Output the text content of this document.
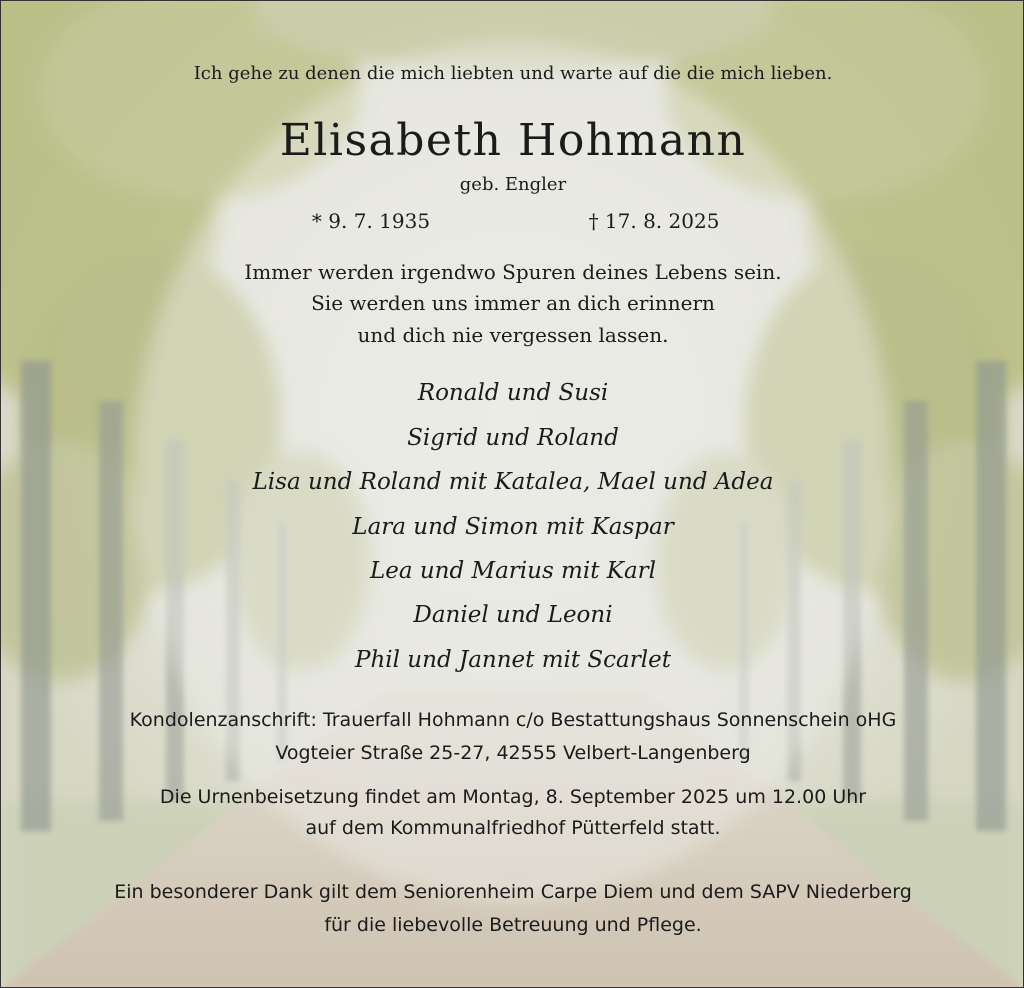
Ich gehe zu denen die mich liebten und warte auf die die mich lieben.
Elisabeth Hohmann
geb. Engler
* 9. 7. 1935	† 17. 8. 2025
Immer werden irgendwo Spuren deines Lebens sein.
Sie werden uns immer an dich erinnern
und dich nie vergessen lassen.
Ronald und Susi
Sigrid und Roland
Lisa und Roland mit Katalea, Mael und Adea
Lara und Simon mit Kaspar
Lea und Marius mit Karl
Daniel und Leoni
Phil und Jannet mit Scarlet
Kondolenzanschrift: Trauerfall Hohmann c/o Bestattungshaus Sonnenschein oHG
Vogteier Straße 25-27, 42555 Velbert-Langenberg
Die Urnenbeisetzung findet am Montag, 8. September 2025 um 12.00 Uhr
auf dem Kommunalfriedhof Pütterfeld statt.
Ein besonderer Dank gilt dem Seniorenheim Carpe Diem und dem SAPV Niederberg
für die liebevolle Betreuung und Pflege.
